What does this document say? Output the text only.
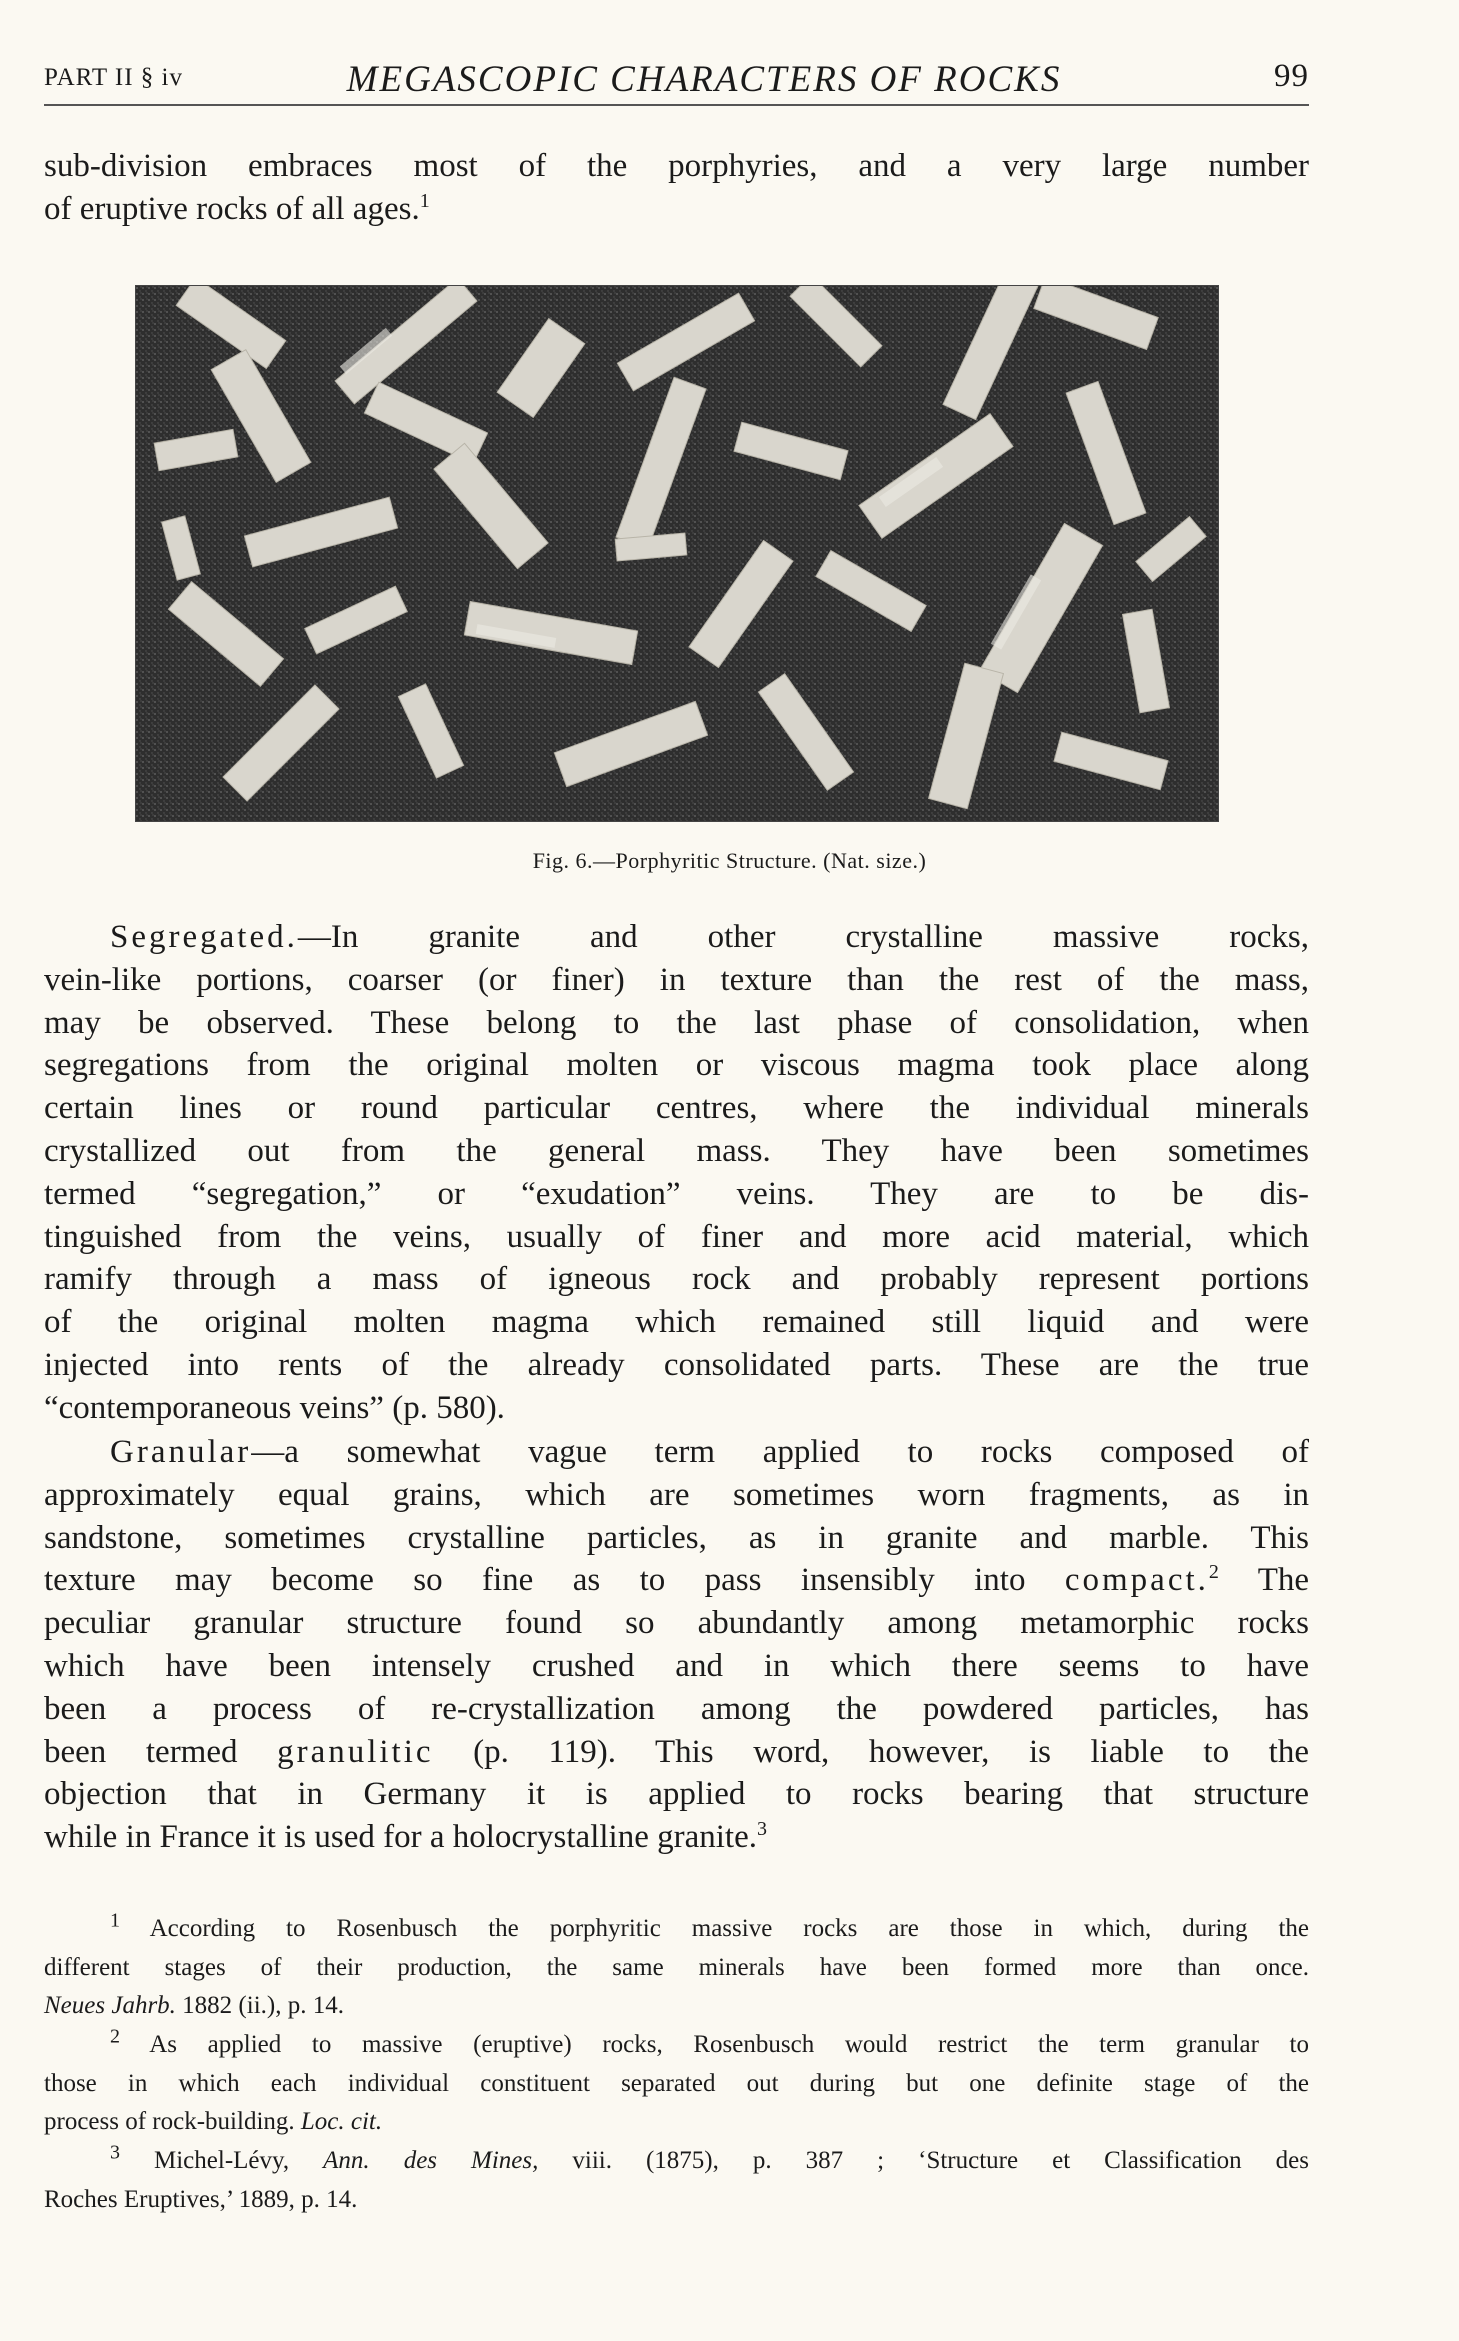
PART II § iv	MEGASCOPIC CHARACTERS OF ROCKS	99
sub-division embraces most of the porphyries, and a very large number
of eruptive rocks of all ages.$^1$
Fig. 6.—Porphyritic Structure. (Nat. size.)
Segregated.—In granite and other crystalline massive rocks,
vein-like portions, coarser (or finer) in texture than the rest of the mass,
may be observed. These belong to the last phase of consolidation, when
segregations from the original molten or viscous magma took place along
certain lines or round particular centres, where the individual minerals
crystallized out from the general mass. They have been sometimes
termed “segregation,” or “exudation” veins. They are to be dis-
tinguished from the veins, usually of finer and more acid material, which
ramify through a mass of igneous rock and probably represent portions
of the original molten magma which remained still liquid and were
injected into rents of the already consolidated parts. These are the true
“contemporaneous veins” (p. 580).
Granular—a somewhat vague term applied to rocks composed of
approximately equal grains, which are sometimes worn fragments, as in
sandstone, sometimes crystalline particles, as in granite and marble. This
texture may become so fine as to pass insensibly into compact.$^2$ The
peculiar granular structure found so abundantly among metamorphic rocks
which have been intensely crushed and in which there seems to have
been a process of re-crystallization among the powdered particles, has
been termed granulitic (p. 119). This word, however, is liable to the
objection that in Germany it is applied to rocks bearing that structure
while in France it is used for a holocrystalline granite.$^3$
$^1$ According to Rosenbusch the porphyritic massive rocks are those in which, during the
different stages of their production, the same minerals have been formed more than once.
Neues Jahrb. 1882 (ii.), p. 14.
$^2$ As applied to massive (eruptive) rocks, Rosenbusch would restrict the term granular to
those in which each individual constituent separated out during but one definite stage of the
process of rock-building. Loc. cit.
$^3$ Michel-Lévy, Ann. des Mines, viii. (1875), p. 387 ; ‘Structure et Classification des
Roches Eruptives,’ 1889, p. 14.
